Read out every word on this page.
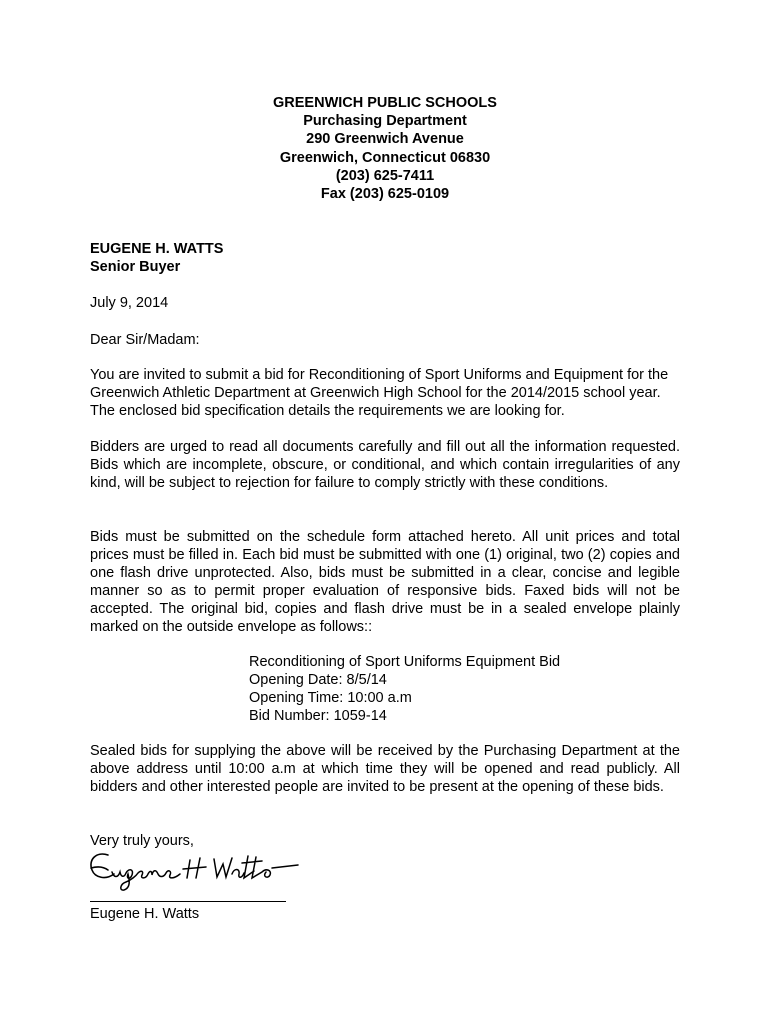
GREENWICH PUBLIC SCHOOLS
Purchasing Department
290 Greenwich Avenue
Greenwich, Connecticut 06830
(203) 625-7411
Fax (203) 625-0109
EUGENE H. WATTS
Senior Buyer
July 9, 2014
Dear Sir/Madam:
You are invited to submit a bid for Reconditioning of Sport Uniforms and Equipment for the Greenwich Athletic Department at Greenwich High School for the 2014/2015 school year. The enclosed bid specification details the requirements we are looking for.
Bidders are urged to read all documents carefully and fill out all the information requested. Bids which are incomplete, obscure, or conditional, and which contain irregularities of any kind, will be subject to rejection for failure to comply strictly with these conditions.
Bids must be submitted on the schedule form attached hereto. All unit prices and total prices must be filled in. Each bid must be submitted with one (1) original, two (2) copies and one flash drive unprotected. Also, bids must be submitted in a clear, concise and legible manner so as to permit proper evaluation of responsive bids. Faxed bids will not be accepted. The original bid, copies and flash drive must be in a sealed envelope plainly marked on the outside envelope as follows::
Reconditioning of Sport Uniforms Equipment Bid
Opening Date: 8/5/14
Opening Time: 10:00 a.m
Bid Number: 1059-14
Sealed bids for supplying the above will be received by the Purchasing Department at the above address until 10:00 a.m at which time they will be opened and read publicly. All bidders and other interested people are invited to be present at the opening of these bids.
Very truly yours,
Eugene H. Watts
